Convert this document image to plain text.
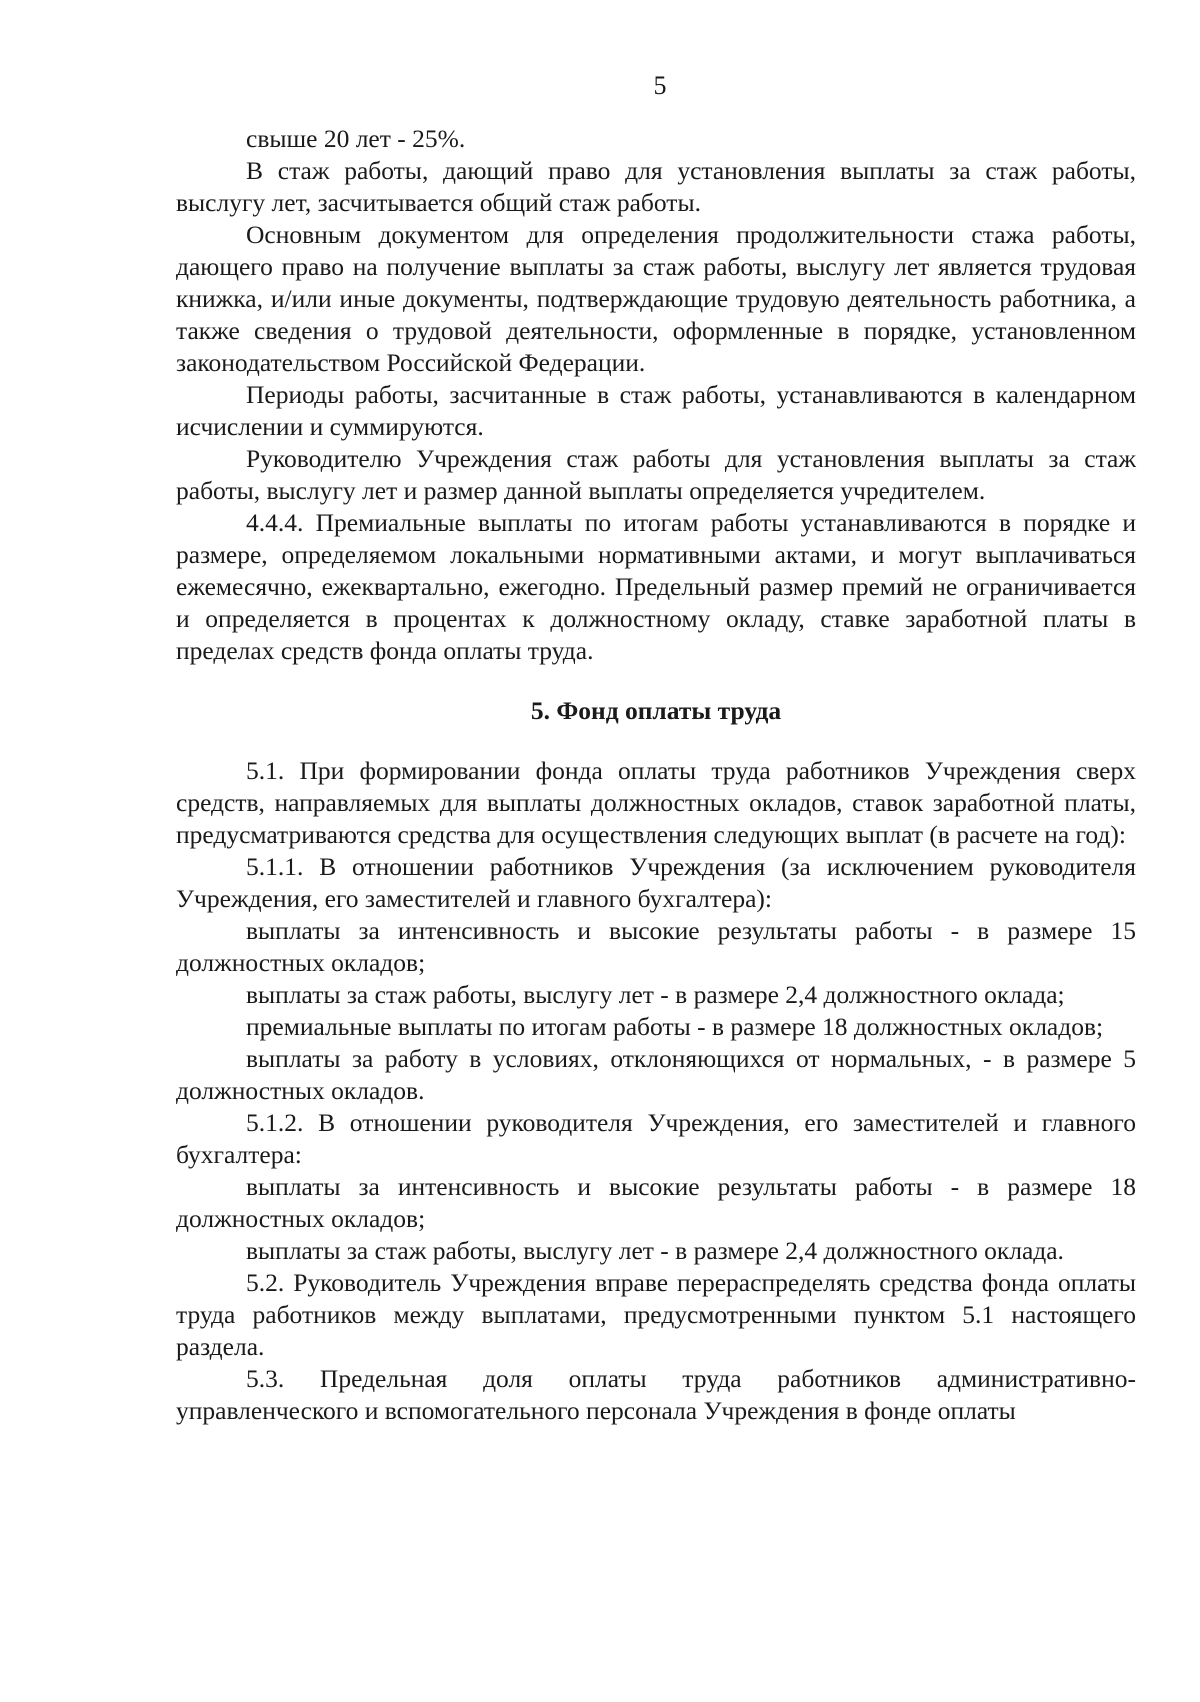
5

свыше 20 лет - 25%.

В стаж работы, дающий право для установления выплаты за стаж работы, выслугу лет, засчитывается общий стаж работы.

Основным документом для определения продолжительности стажа работы, дающего право на получение выплаты за стаж работы, выслугу лет является трудовая книжка, и/или иные документы, подтверждающие трудовую деятельность работника, а также сведения о трудовой деятельности, оформленные в порядке, установленном законодательством Российской Федерации.

Периоды работы, засчитанные в стаж работы, устанавливаются в календарном исчислении и суммируются.

Руководителю Учреждения стаж работы для установления выплаты за стаж работы, выслугу лет и размер данной выплаты определяется учредителем.

4.4.4. Премиальные выплаты по итогам работы устанавливаются в порядке и размере, определяемом локальными нормативными актами, и могут выплачиваться ежемесячно, ежеквартально, ежегодно. Предельный размер премий не ограничивается и определяется в процентах к должностному окладу, ставке заработной платы в пределах средств фонда оплаты труда.

5. Фонд оплаты труда

5.1. При формировании фонда оплаты труда работников Учреждения сверх средств, направляемых для выплаты должностных окладов, ставок заработной платы, предусматриваются средства для осуществления следующих выплат (в расчете на год):

5.1.1. В отношении работников Учреждения (за исключением руководителя Учреждения, его заместителей и главного бухгалтера):

выплаты за интенсивность и высокие результаты работы - в размере 15 должностных окладов;

выплаты за стаж работы, выслугу лет - в размере 2,4 должностного оклада;

премиальные выплаты по итогам работы - в размере 18 должностных окладов;

выплаты за работу в условиях, отклоняющихся от нормальных, - в размере 5 должностных окладов.

5.1.2. В отношении руководителя Учреждения, его заместителей и главного бухгалтера:

выплаты за интенсивность и высокие результаты работы - в размере 18 должностных окладов;

выплаты за стаж работы, выслугу лет - в размере 2,4 должностного оклада.

5.2. Руководитель Учреждения вправе перераспределять средства фонда оплаты труда работников между выплатами, предусмотренными пунктом 5.1 настоящего раздела.

5.3. Предельная доля оплаты труда работников административно-управленческого и вспомогательного персонала Учреждения в фонде оплаты
